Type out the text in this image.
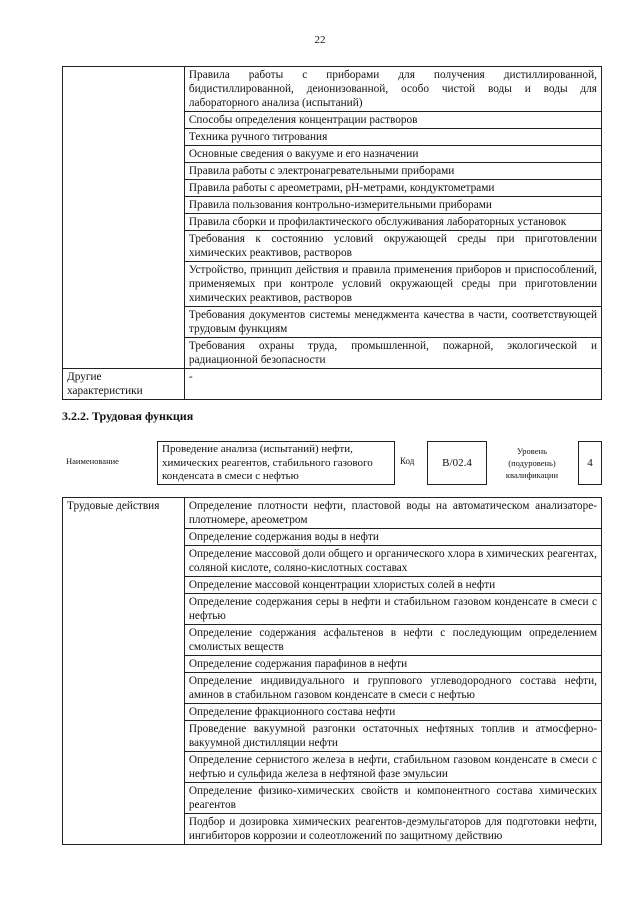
22
	Правила работы с приборами для получения дистиллированной, бидистиллированной, деионизованной, особо чистой воды и воды для лабораторного анализа (испытаний)
	Способы определения концентрации растворов
	Техника ручного титрования
	Основные сведения о вакууме и его назначении
	Правила работы с электронагревательными приборами
	Правила работы с ареометрами, pH-метрами, кондуктометрами
	Правила пользования контрольно-измерительными приборами
	Правила сборки и профилактического обслуживания лабораторных установок
	Требования к состоянию условий окружающей среды при приготовлении химических реактивов, растворов
	Устройство, принцип действия и правила применения приборов и приспособлений, применяемых при контроле условий окружающей среды при приготовлении химических реактивов, растворов
	Требования документов системы менеджмента качества в части, соответствующей трудовым функциям
	Требования охраны труда, промышленной, пожарной, экологической и радиационной безопасности
Другие характеристики	-
3.2.2. Трудовая функция
Наименование
Проведение анализа (испытаний) нефти, химических реагентов, стабильного газового конденсата в смеси с нефтью
Код	В/02.4
Уровень (подуровень) квалификации
4
Трудовые действия	Определение плотности нефти, пластовой воды на автоматическом анализаторе-плотномере, ареометром
Определение содержания воды в нефти
Определение массовой доли общего и органического хлора в химических реагентах, соляной кислоте, соляно-кислотных составах
Определение массовой концентрации хлористых солей в нефти
Определение содержания серы в нефти и стабильном газовом конденсате в смеси с нефтью
Определение содержания асфальтенов в нефти с последующим определением смолистых веществ
Определение содержания парафинов в нефти
Определение индивидуального и группового углеводородного состава нефти, аминов в стабильном газовом конденсате в смеси с нефтью
Определение фракционного состава нефти
Проведение вакуумной разгонки остаточных нефтяных топлив и атмосферно-вакуумной дистилляции нефти
Определение сернистого железа в нефти, стабильном газовом конденсате в смеси с нефтью и сульфида железа в нефтяной фазе эмульсии
Определение физико-химических свойств и компонентного состава химических реагентов
Подбор и дозировка химических реагентов-деэмульгаторов для подготовки нефти, ингибиторов коррозии и солеотложений по защитному действию
